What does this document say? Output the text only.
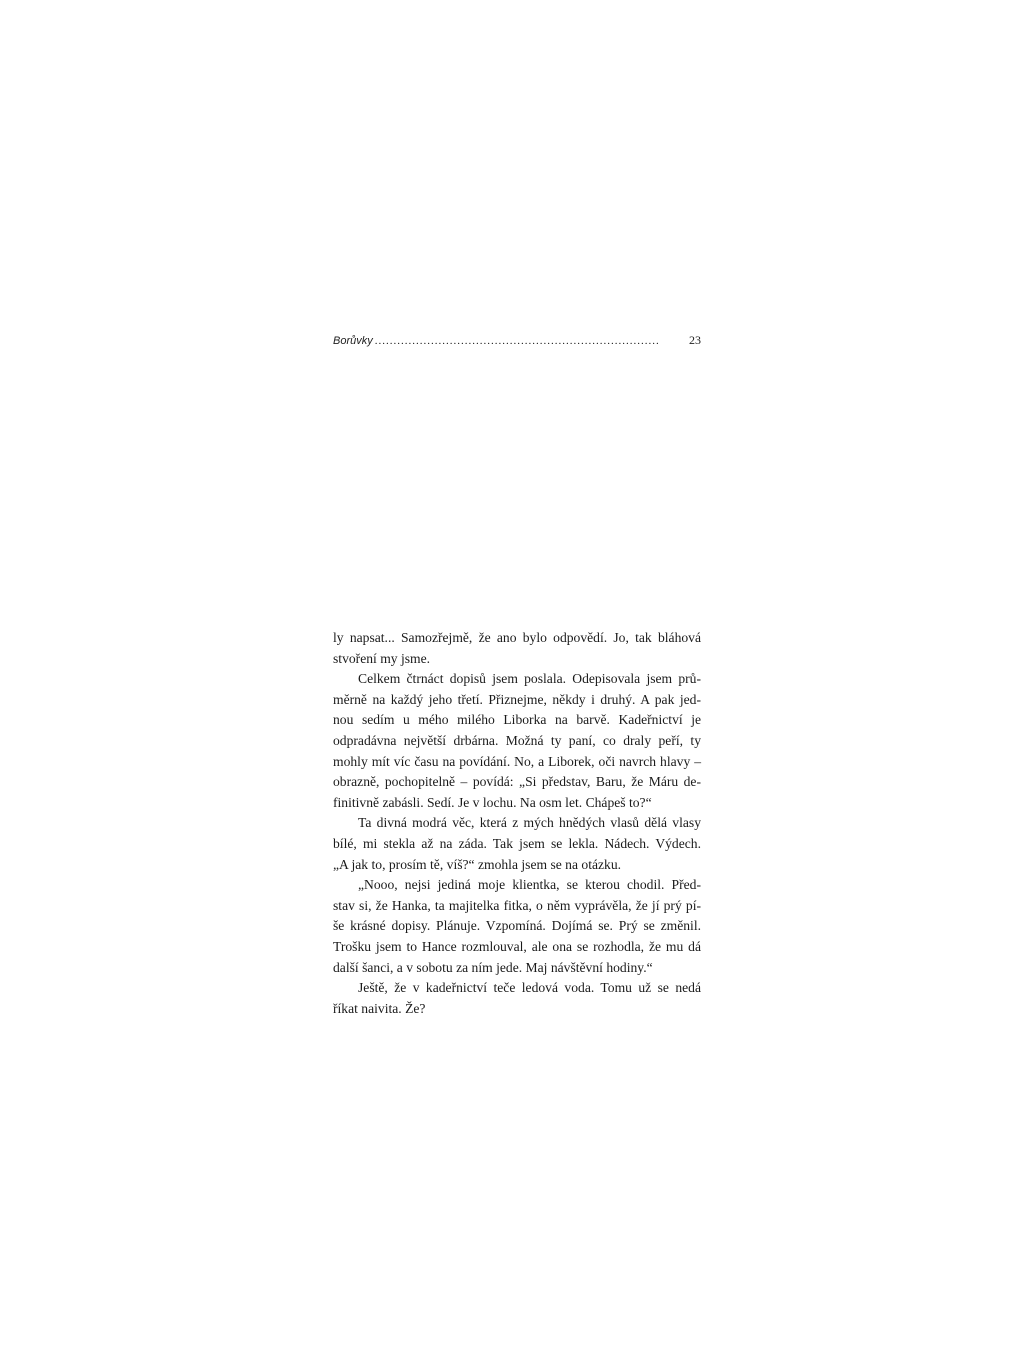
Borůvky ............................................................................	23

ly napsat... Samozřejmě, že ano bylo odpovědí. Jo, tak bláhová
stvoření my jsme.

Celkem čtrnáct dopisů jsem poslala. Odepisovala jsem prů-
měrně na každý jeho třetí. Přiznejme, někdy i druhý. A pak jed-
nou sedím u mého milého Liborka na barvě. Kadeřnictví je
odpradávna největší drbárna. Možná ty paní, co draly peří, ty
mohly mít víc času na povídání. No, a Liborek, oči navrch hlavy –
obrazně, pochopitelně – povídá: „Si představ, Baru, že Máru de-
finitivně zabásli. Sedí. Je v lochu. Na osm let. Chápeš to?“

Ta divná modrá věc, která z mých hnědých vlasů dělá vlasy
bílé, mi stekla až na záda. Tak jsem se lekla. Nádech. Výdech.
„A jak to, prosím tě, víš?“ zmohla jsem se na otázku.

„Nooo, nejsi jediná moje klientka, se kterou chodil. Před-
stav si, že Hanka, ta majitelka fitka, o něm vyprávěla, že jí prý pí-
še krásné dopisy. Plánuje. Vzpomíná. Dojímá se. Prý se změnil.
Trošku jsem to Hance rozmlouval, ale ona se rozhodla, že mu dá
další šanci, a v sobotu za ním jede. Maj návštěvní hodiny.“

Ještě, že v kadeřnictví teče ledová voda. Tomu už se nedá
říkat naivita. Že?
